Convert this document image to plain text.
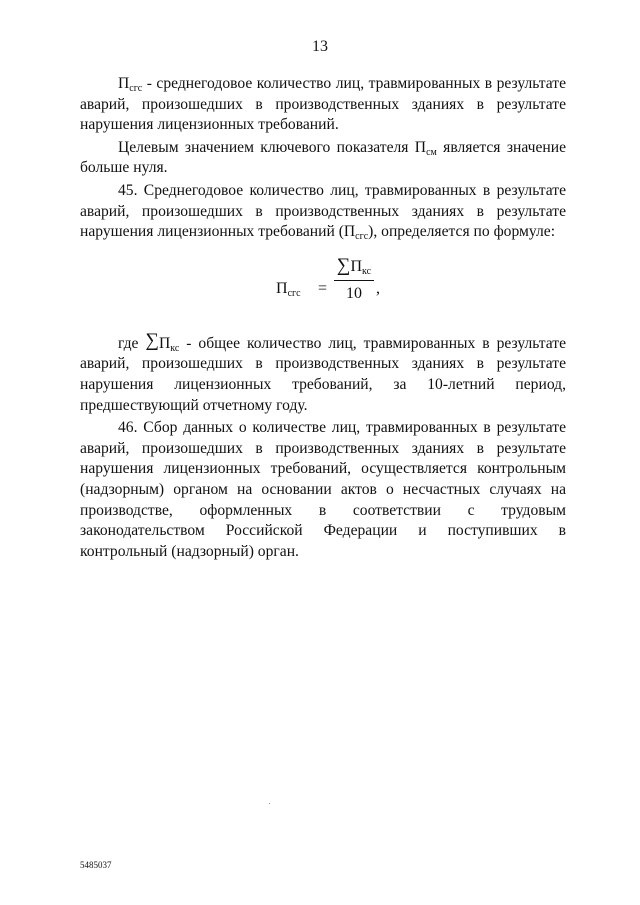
13

$П_{сгс}$ - среднегодовое количество лиц, травмированных в результате аварий, произошедших в производственных зданиях в результате нарушения лицензионных требований.

Целевым значением ключевого показателя $П_{см}$ является значение больше нуля.

45. Среднегодовое количество лиц, травмированных в результате аварий, произошедших в производственных зданиях в результате нарушения лицензионных требований $(П_{сгс})$, определяется по формуле:

$П_{сгс}$ =
$\sum П_{кс}$
10 ,

где $\sum П_{кс}$ - общее количество лиц, травмированных в результате аварий, произошедших в производственных зданиях в результате нарушения лицензионных требований, за 10-летний период, предшествующий отчетному году.

46. Сбор данных о количестве лиц, травмированных в результате аварий, произошедших в производственных зданиях в результате нарушения лицензионных требований, осуществляется контрольным (надзорным) органом на основании актов о несчастных случаях на производстве, оформленных в соответствии с трудовым законодательством Российской Федерации и поступивших в контрольный (надзорный) орган.

5485037
